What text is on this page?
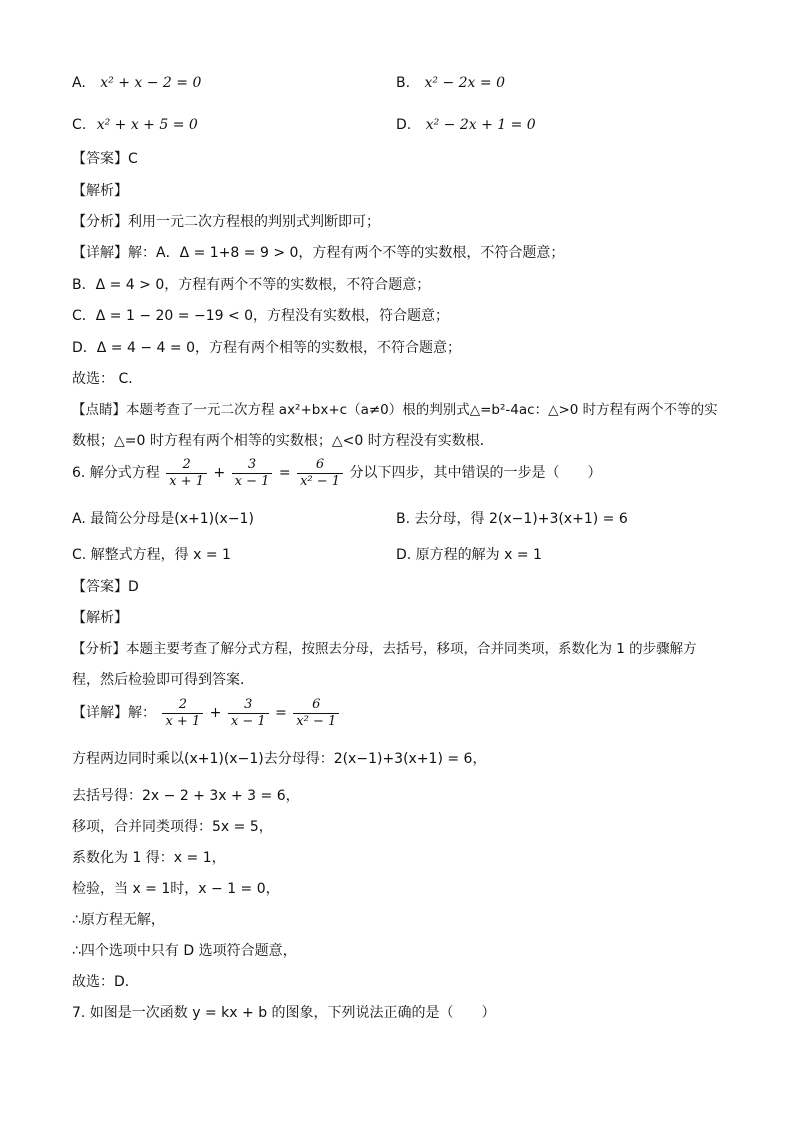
A. x² + x − 2 = 0	B. x² − 2x = 0
C. x² + x + 5 = 0	D. x² − 2x + 1 = 0
【答案】C
【解析】
【分析】利用一元二次方程根的判别式判断即可；
【详解】解：A．Δ = 1+8 = 9 > 0，方程有两个不等的实数根，不符合题意；
B．Δ = 4 > 0，方程有两个不等的实数根，不符合题意；
C．Δ = 1 − 20 = −19 < 0，方程没有实数根，符合题意；
D．Δ = 4 − 4 = 0，方程有两个相等的实数根，不符合题意；
故选： C．
【点睛】本题考查了一元二次方程 ax²+bx+c（a≠0）根的判别式△=b²-4ac：△>0 时方程有两个不等的实
数根；△=0 时方程有两个相等的实数根；△<0 时方程没有实数根．
6. 解分式方程 $\frac{2}{x + 1} + \frac{3}{x - 1} = \frac{6}{\text{x² − 1}}$ 分以下四步，其中错误的一步是（　　）
A. 最简公分母是(x+1)(x−1)	B. 去分母，得 2(x−1)+3(x+1) = 6
C. 解整式方程，得 x = 1	D. 原方程的解为 x = 1
【答案】D
【解析】
【分析】本题主要考查了解分式方程，按照去分母，去括号，移项，合并同类项，系数化为 1 的步骤解方
程，然后检验即可得到答案．
【详解】解： $\frac{2}{x + 1} + \frac{3}{x - 1} = \frac{6}{\text{x² − 1}}$
方程两边同时乘以(x+1)(x−1)去分母得：2(x−1)+3(x+1) = 6，
去括号得：2x − 2 + 3x + 3 = 6，
移项，合并同类项得：5x = 5，
系数化为 1 得：x = 1，
检验，当 x = 1时，x − 1 = 0，
∴原方程无解，
∴四个选项中只有 D 选项符合题意，
故选：D．
7. 如图是一次函数 y = kx + b 的图象，下列说法正确的是（　　）
